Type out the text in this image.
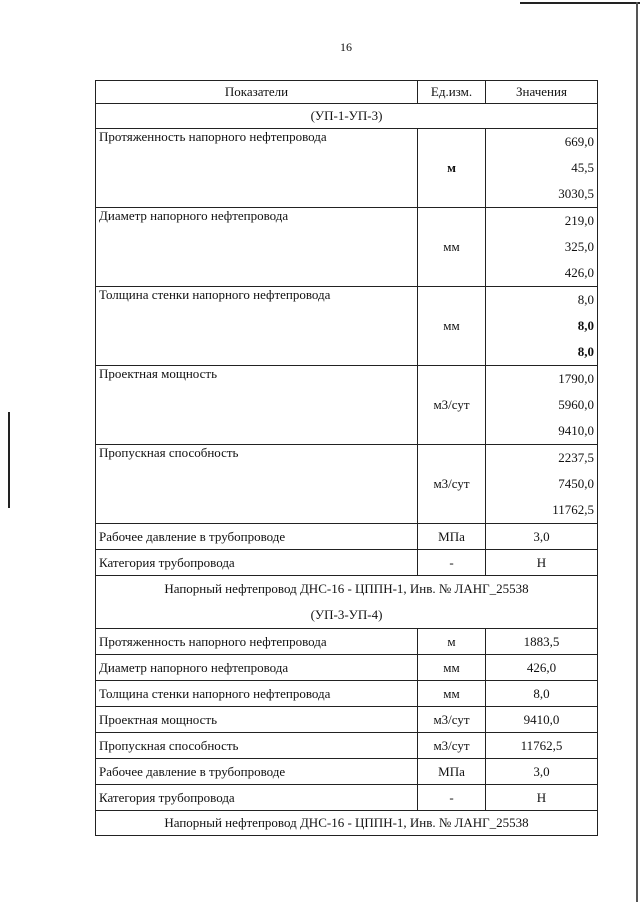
16
Показатели	Ед.изм.	Значения
(УП-1-УП-3)		
Протяженность напорного нефтепровода	м	669,0
45,5
3030,5

Диаметр напорного нефтепровода	мм	219,0
325,0
426,0

Толщина стенки напорного нефтепровода	мм	8,0
8,0
8,0

Проектная мощность	м3/сут	1790,0
5960,0
9410,0

Пропускная способность	м3/сут	2237,5
7450,0
11762,5

Рабочее давление в трубопроводе	МПа	3,0
Категория трубопровода	-	Н

Напорный нефтепровод ДНС-16 - ЦППН-1, Инв. № ЛАНГ_25538
(УП-3-УП-4)		

Протяженность напорного нефтепровода	м	1883,5
Диаметр напорного нефтепровода	мм	426,0
Толщина стенки напорного нефтепровода	мм	8,0
Проектная мощность	м3/сут	9410,0
Пропускная способность	м3/сут	11762,5
Рабочее давление в трубопроводе	МПа	3,0
Категория трубопровода	-	Н
Напорный нефтепровод ДНС-16 - ЦППН-1, Инв. № ЛАНГ_25538		
